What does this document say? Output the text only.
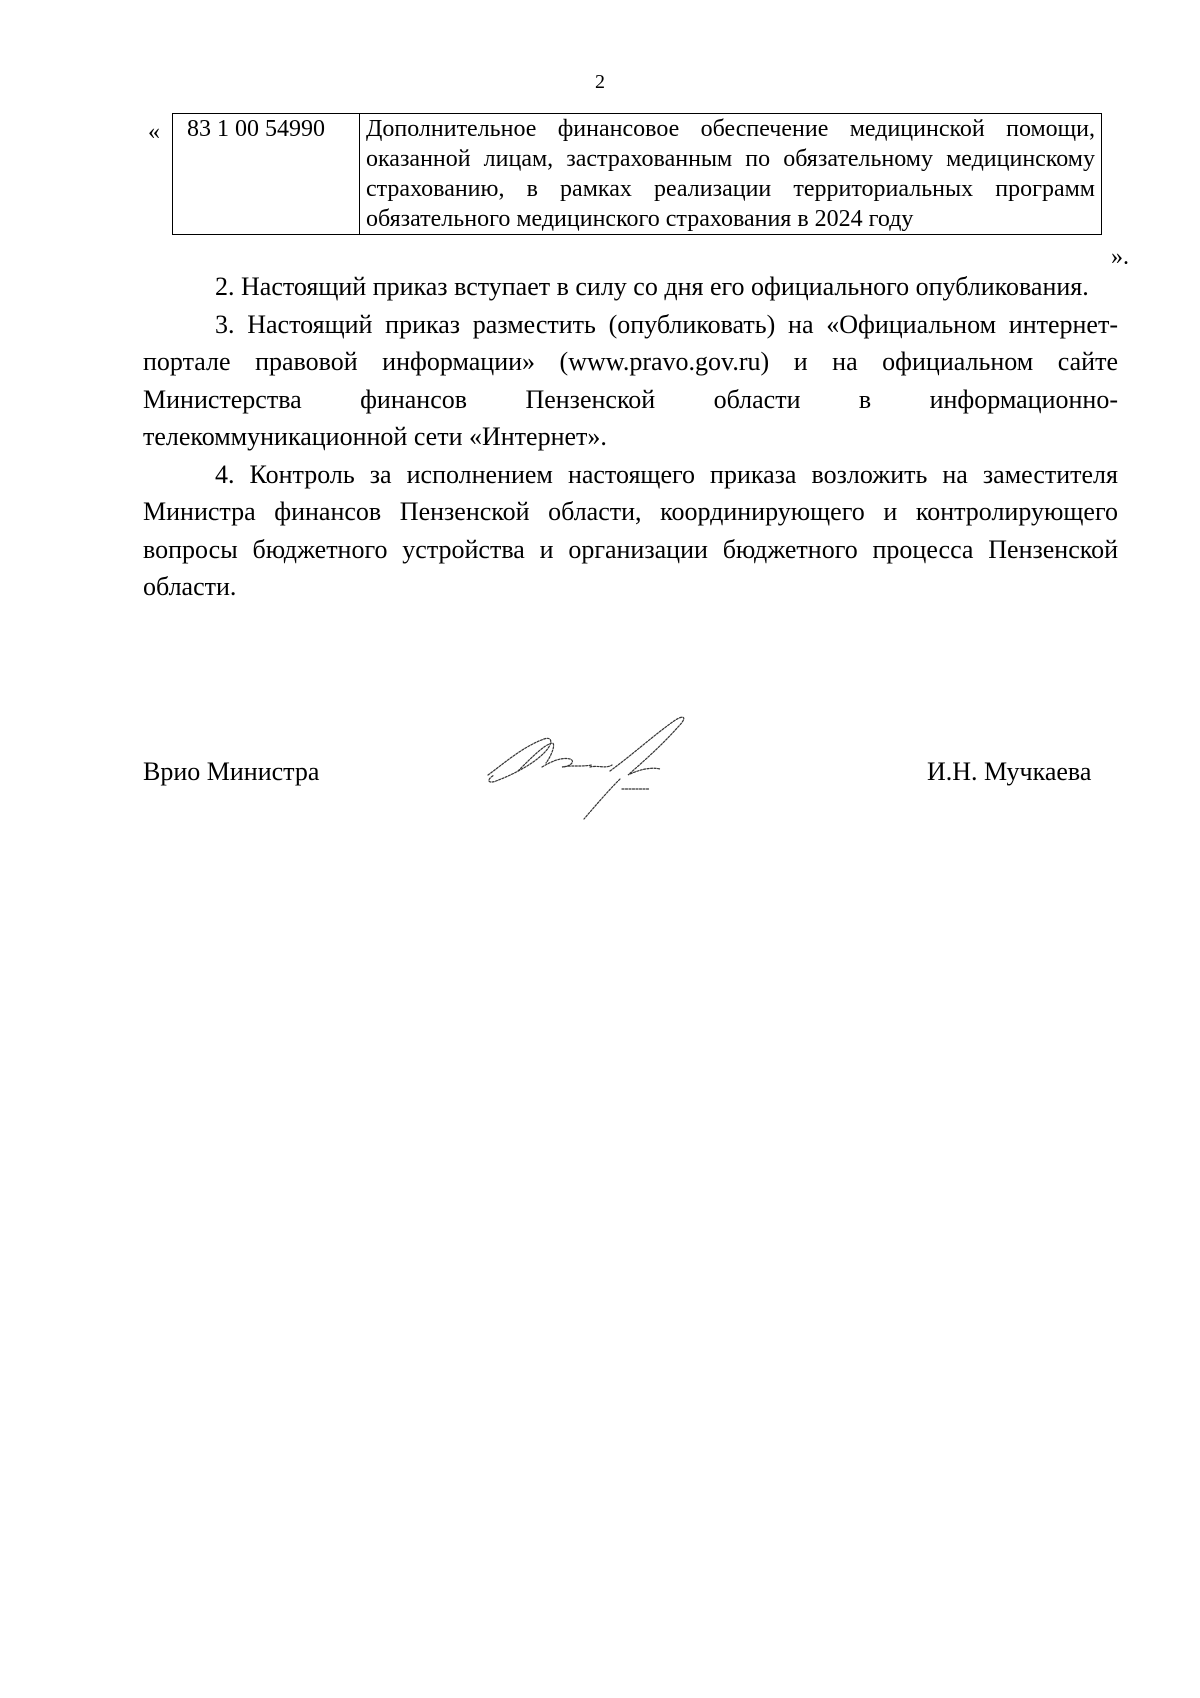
2
« 83 1 00 54990	Дополнительное финансовое обеспечение медицинской помощи, оказанной лицам, застрахованным по обязательному медицинскому страхованию, в рамках реализации территориальных программ обязательного медицинского страхования в 2024 году
».

2. Настоящий приказ вступает в силу со дня его официального опубликования.

3. Настоящий приказ разместить (опубликовать) на «Официальном интернет-портале правовой информации» (www.pravo.gov.ru) и на официальном сайте Министерства финансов Пензенской области в информационно-телекоммуникационной сети «Интернет».

4. Контроль за исполнением настоящего приказа возложить на заместителя Министра финансов Пензенской области, координирующего и контролирующего вопросы бюджетного устройства и организации бюджетного процесса Пензенской области.

Врио Министра	И.Н. Мучкаева
